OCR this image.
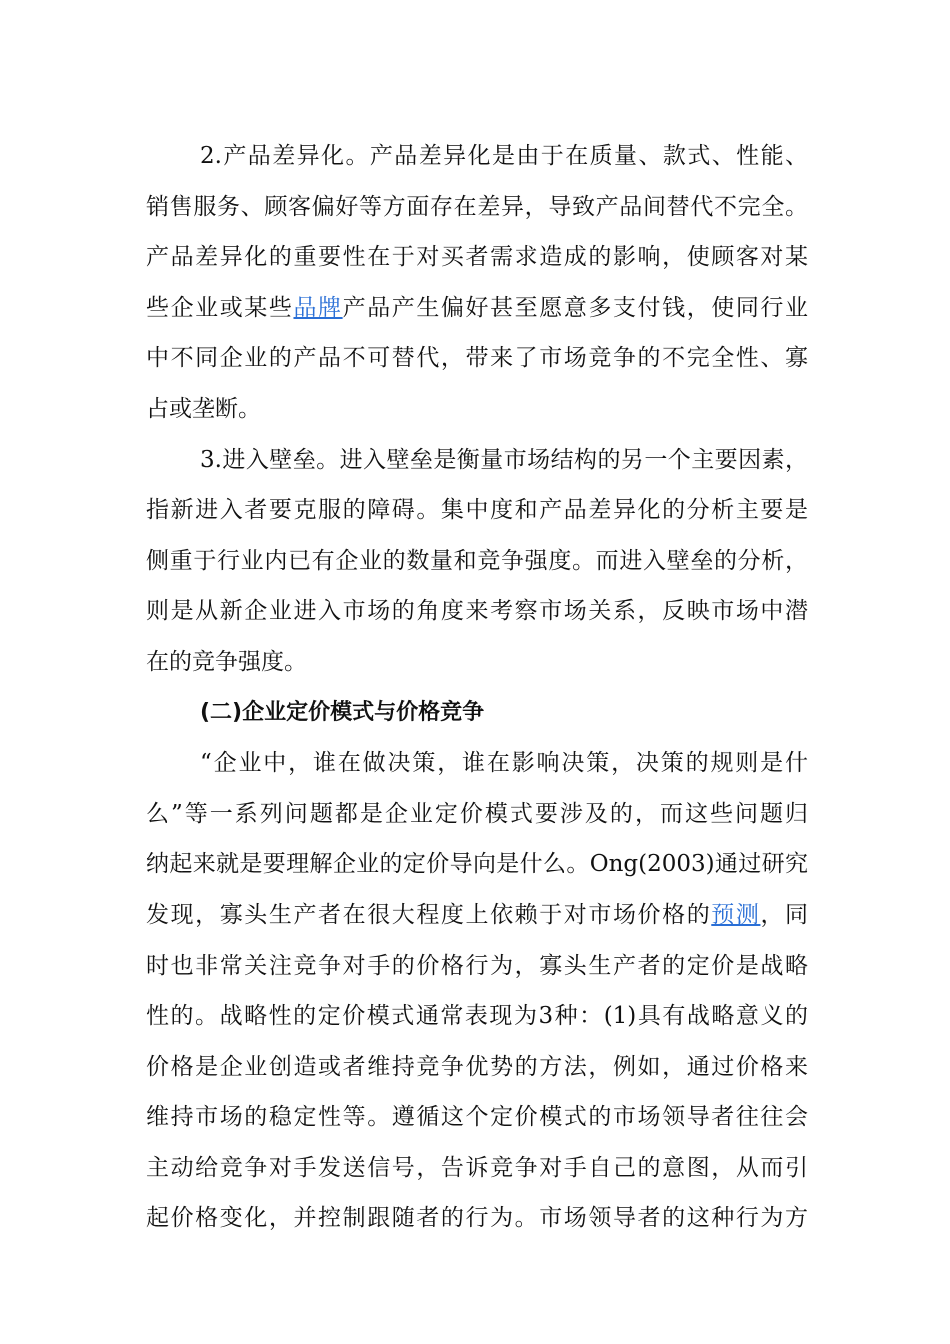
2.产品差异化。产品差异化是由于在质量、款式、性能、
销售服务、顾客偏好等方面存在差异，导致产品间替代不完全。
产品差异化的重要性在于对买者需求造成的影响，使顾客对某
些企业或某些品牌产品产生偏好甚至愿意多支付钱，使同行业
中不同企业的产品不可替代，带来了市场竞争的不完全性、寡
占或垄断。
3.进入壁垒。进入壁垒是衡量市场结构的另一个主要因素，
指新进入者要克服的障碍。集中度和产品差异化的分析主要是
侧重于行业内已有企业的数量和竞争强度。而进入壁垒的分析，
则是从新企业进入市场的角度来考察市场关系，反映市场中潜
在的竞争强度。
(二)企业定价模式与价格竞争
“企业中，谁在做决策，谁在影响决策，决策的规则是什
么”等一系列问题都是企业定价模式要涉及的，而这些问题归
纳起来就是要理解企业的定价导向是什么。Ong(2003)通过研究
发现，寡头生产者在很大程度上依赖于对市场价格的预测，同
时也非常关注竞争对手的价格行为，寡头生产者的定价是战略
性的。战略性的定价模式通常表现为3种：(1)具有战略意义的
价格是企业创造或者维持竞争优势的方法，例如，通过价格来
维持市场的稳定性等。遵循这个定价模式的市场领导者往往会
主动给竞争对手发送信号，告诉竞争对手自己的意图，从而引
起价格变化，并控制跟随者的行为。市场领导者的这种行为方
